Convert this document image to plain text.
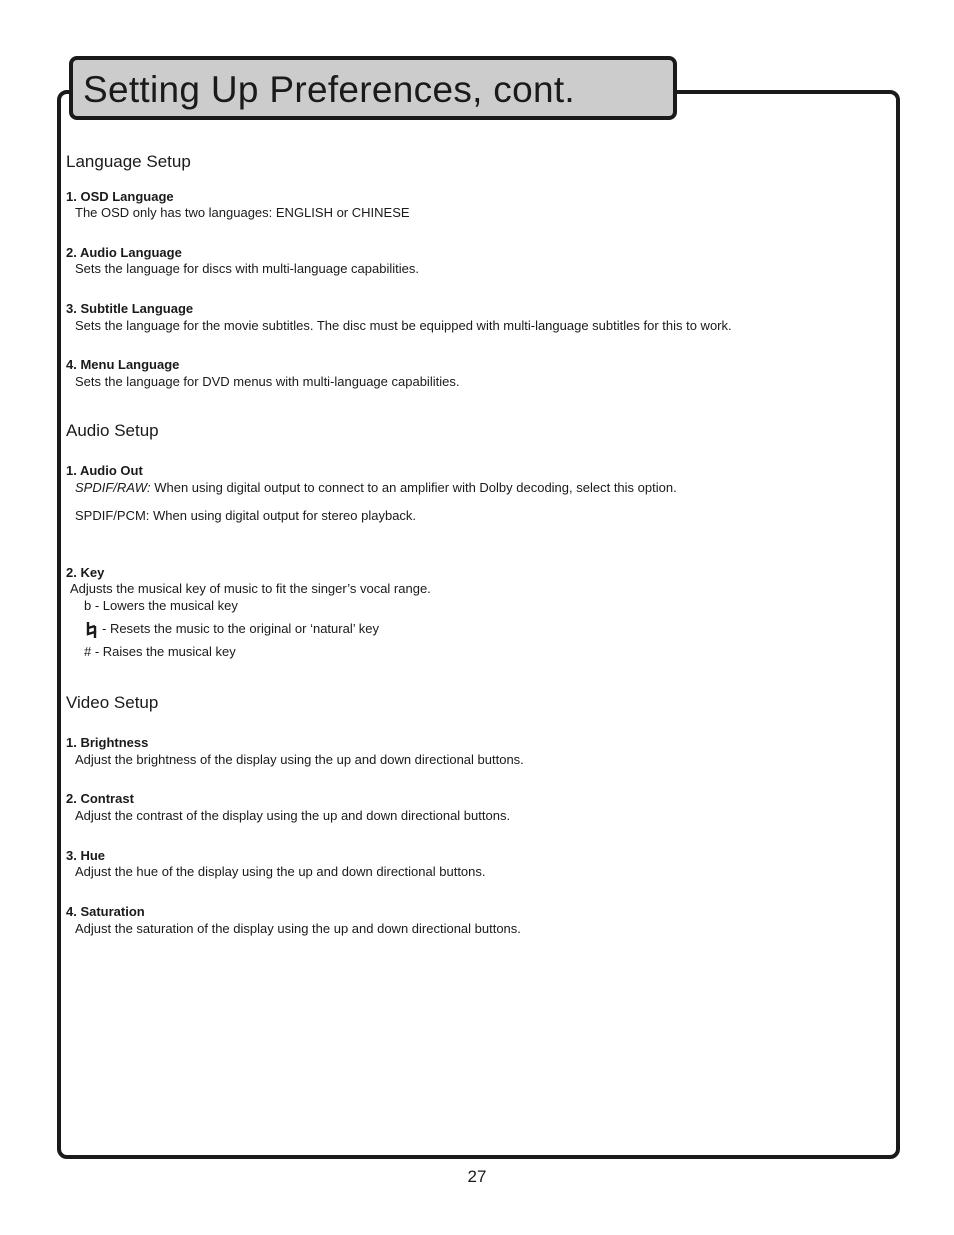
Setting Up Preferences, cont.
Language Setup
1. OSD Language
The OSD only has two languages: ENGLISH or CHINESE
2. Audio Language
Sets the language for discs with multi-language capabilities.
3. Subtitle Language
Sets the language for the movie subtitles. The disc must be equipped with multi-language subtitles for this to work.
4. Menu Language
Sets the language for DVD menus with multi-language capabilities.
Audio Setup
1. Audio Out
SPDIF/RAW: When using digital output to connect to an amplifier with Dolby decoding, select this option.
SPDIF/PCM: When using digital output for stereo playback.
2. Key
Adjusts the musical key of music to fit the singer’s vocal range.
b - Lowers the musical key
- Resets the music to the original or ‘natural’ key
# - Raises the musical key
Video Setup
1. Brightness
Adjust the brightness of the display using the up and down directional buttons.
2. Contrast
Adjust the contrast of the display using the up and down directional buttons.
3. Hue
Adjust the hue of the display using the up and down directional buttons.
4. Saturation
Adjust the saturation of the display using the up and down directional buttons.
27
